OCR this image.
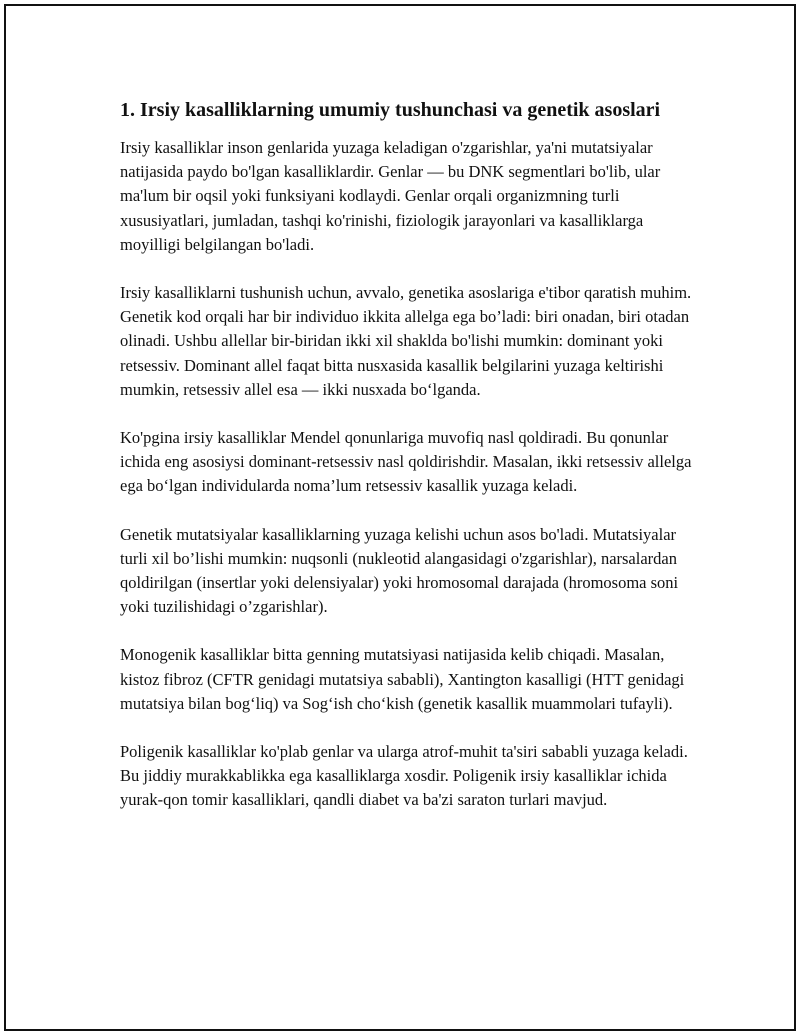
1. Irsiy kasalliklarning umumiy tushunchasi va genetik asoslari

Irsiy kasalliklar inson genlarida yuzaga keladigan o'zgarishlar, ya'ni mutatsiyalar natijasida paydo bo'lgan kasalliklardir. Genlar — bu DNK segmentlari bo'lib, ular ma'lum bir oqsil yoki funksiyani kodlaydi. Genlar orqali organizmning turli xususiyatlari, jumladan, tashqi ko'rinishi, fiziologik jarayonlari va kasalliklarga moyilligi belgilangan bo'ladi.

Irsiy kasalliklarni tushunish uchun, avvalo, genetika asoslariga e'tibor qaratish muhim. Genetik kod orqali har bir individuo ikkita allelga ega bo’ladi: biri onadan, biri otadan olinadi. Ushbu allellar bir-biridan ikki xil shaklda bo'lishi mumkin: dominant yoki retsessiv. Dominant allel faqat bitta nusxasida kasallik belgilarini yuzaga keltirishi mumkin, retsessiv allel esa — ikki nusxada bo‘lganda.

Ko'pgina irsiy kasalliklar Mendel qonunlariga muvofiq nasl qoldiradi. Bu qonunlar ichida eng asosiysi dominant-retsessiv nasl qoldirishdir. Masalan, ikki retsessiv allelga ega bo‘lgan individularda noma’lum retsessiv kasallik yuzaga keladi.

Genetik mutatsiyalar kasalliklarning yuzaga kelishi uchun asos bo'ladi. Mutatsiyalar turli xil bo’lishi mumkin: nuqsonli (nukleotid alangasidagi o'zgarishlar), narsalardan qoldirilgan (insertlar yoki delensiyalar) yoki hromosomal darajada (hromosoma soni yoki tuzilishidagi o’zgarishlar).

Monogenik kasalliklar bitta genning mutatsiyasi natijasida kelib chiqadi. Masalan, kistoz fibroz (CFTR genidagi mutatsiya sababli), Xantington kasalligi (HTT genidagi mutatsiya bilan bog‘liq) va Sog‘ish cho‘kish (genetik kasallik muammolari tufayli).

Poligenik kasalliklar ko'plab genlar va ularga atrof-muhit ta'siri sababli yuzaga keladi. Bu jiddiy murakkablikka ega kasalliklarga xosdir. Poligenik irsiy kasalliklar ichida yurak-qon tomir kasalliklari, qandli diabet va ba'zi saraton turlari mavjud.
